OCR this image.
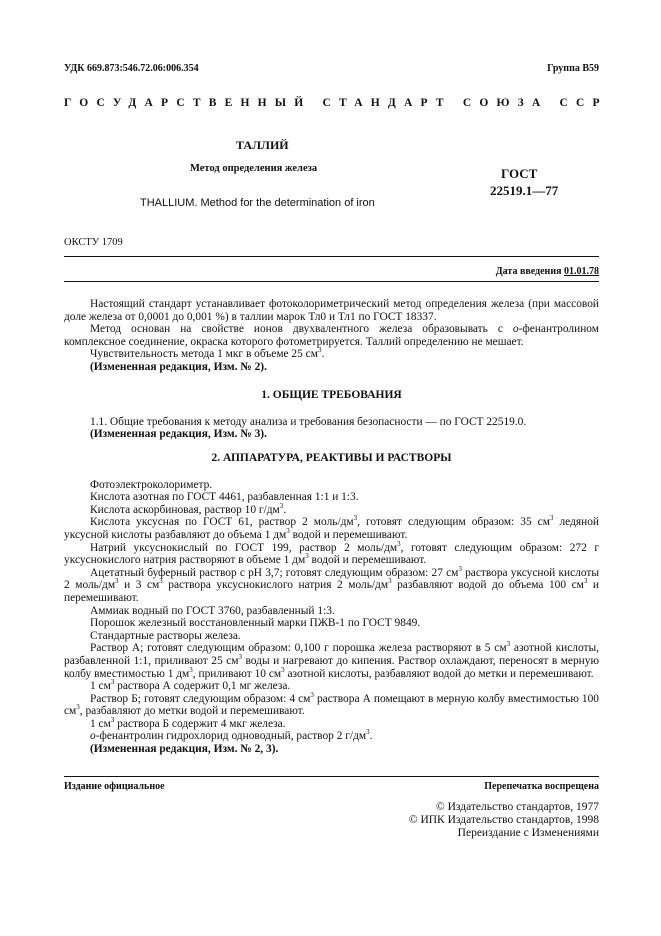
УДК 669.873:546.72.06:006.354	Группа В59
ГОСУДАРСТВЕННЫЙ СТАНДАРТ СОЮЗА ССР
ТАЛЛИЙ
Метод определения железа	ГОСТ
22519.1—77
THALLIUM. Method for the determination of iron
ОКСТУ 1709
Дата введения 01.01.78

Настоящий стандарт устанавливает фотоколориметрический метод определения железа (при массовой доле железа от 0,0001 до 0,001 %) в таллии марок Тл0 и Тл1 по ГОСТ 18337.

Метод основан на свойстве ионов двухвалентного железа образовывать с о-фенантролином комплексное соединение, окраска которого фотометрируется. Таллий определению не мешает.

Чувствительность метода 1 мкг в объеме 25 $см^3$.

(Измененная редакция, Изм. № 2).

1. ОБЩИЕ ТРЕБОВАНИЯ

1.1. Общие требования к методу анализа и требования безопасности — по ГОСТ 22519.0.

(Измененная редакция, Изм. № 3).

2. АППАРАТУРА, РЕАКТИВЫ И РАСТВОРЫ

Фотоэлектроколориметр.

Кислота азотная по ГОСТ 4461, разбавленная 1:1 и 1:3.

Кислота аскорбиновая, раствор 10 $г/дм^3$.

Кислота уксусная по ГОСТ 61, раствор 2 моль/$дм^3$, готовят следующим образом: 35 $см^3$ ледяной уксусной кислоты разбавляют до объема 1 $дм^3$ водой и перемешивают.

Натрий уксуснокислый по ГОСТ 199, раствор 2 моль/$дм^3$, готовят следующим образом: 272 г уксуснокислого натрия растворяют в объеме 1 $дм^3$ водой и перемешивают.

Ацетатный буферный раствор с рН 3,7; готовят следующим образом: 27 $см^3$ раствора уксусной кислоты 2 моль/$дм^3$ и 3 $см^3$ раствора уксуснокислого натрия 2 моль/$дм^3$ разбавляют водой до объема 100 $см^3$ и перемешивают.

Аммиак водный по ГОСТ 3760, разбавленный 1:3.

Порошок железный восстановленный марки ПЖВ-1 по ГОСТ 9849.

Стандартные растворы железа.

Раствор А; готовят следующим образом: 0,100 г порошка железа растворяют в 5 $см^3$ азотной кислоты, разбавленной 1:1, приливают 25 $см^3$ воды и нагревают до кипения. Раствор охлаждают, переносят в мерную колбу вместимостью 1 $дм^3$, приливают 10 $см^3$ азотной кислоты, разбавляют водой до метки и перемешивают.

1 $см^3$ раствора А содержит 0,1 мг железа.

Раствор Б; готовят следующим образом: 4 $см^3$ раствора А помещают в мерную колбу вместимостью 100 $см^3$, разбавляют до метки водой и перемешивают.

1 $см^3$ раствора Б содержит 4 мкг железа.

о-фенантролин гидрохлорид одноводный, раствор 2 $г/дм^3$.

(Измененная редакция, Изм. № 2, 3).

Издание официальное	Перепечатка воспрещена
© Издательство стандартов, 1977
© ИПК Издательство стандартов, 1998
Переиздание с Изменениями
